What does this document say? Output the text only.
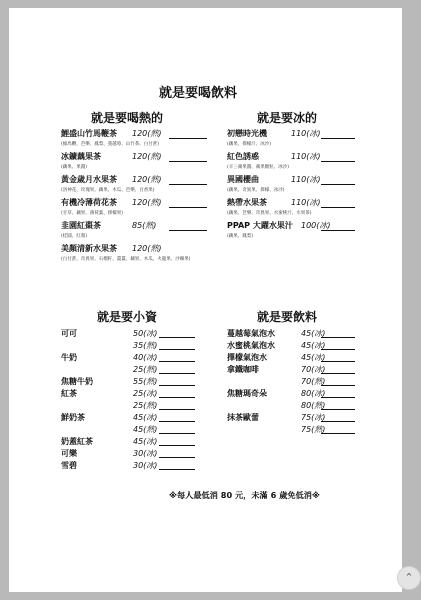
就是要喝飲料
就是要喝熱的	就是要冰的
就是要小資	就是要飲料
鯉盛山竹馬鞭茶 120(熱)
(綠馬鞭、芭樂、鳳梨、蔓越莓、山竹茶、白甘蔗)
冰鑛藕果茶	120(熱)
(藕果、果醬)
黃金歲月水果茶 120(熱)
(洛神花、玫瑰果、藕果、木瓜、芭樂、百香果)
有機冷薄荷花茶 120(熱)
(甘草、藕果、薄荷葉、擇檬果)
韭園紅棗茶	85(熱)
(桂圓、紅棗)
美顏清新水果茶 120(熱)
(白甘蔗、奇異果、石榴籽、薑薑、藕果、木瓜、火龍果、沙棘果)
初戀時光機	110(冰)
(藕果、擇檬汁、冰沙)
紅色誘惑	110(冰)
(羊三蘋果醬、蘋果顆粒、冰沙)
異國櫻曲	110(冰)
(藕果、奇異果、擇檬、冰沙)
熱帶水果茶	110(冰)
(藕果、芭樂、奇異果、水蜜桃汁、水果茶)
PPAP 大躍水果汁 100(冰)
(藕果、鳳梨)
可可	50(冰)
35(熱)
牛奶	40(冰)
25(熱)
焦糖牛奶	55(熱)
紅茶	25(冰)
25(熱)
鮮奶茶	45(冰)
45(熱)
奶蓋紅茶	45(冰)
可樂	30(冰)
雪碧	30(冰)
蔓越莓氣泡水	45(冰)
水蜜桃氣泡水	45(冰)
擇檬氣泡水	45(冰)
拿鐵咖啡	70(冰)
70(熱)
焦糖瑪奇朵	80(冰)
80(熱)
抹茶歐蕾	75(冰)
75(熱)
※每人最低消 80 元，未滿 6 歲免低消※
⌃
